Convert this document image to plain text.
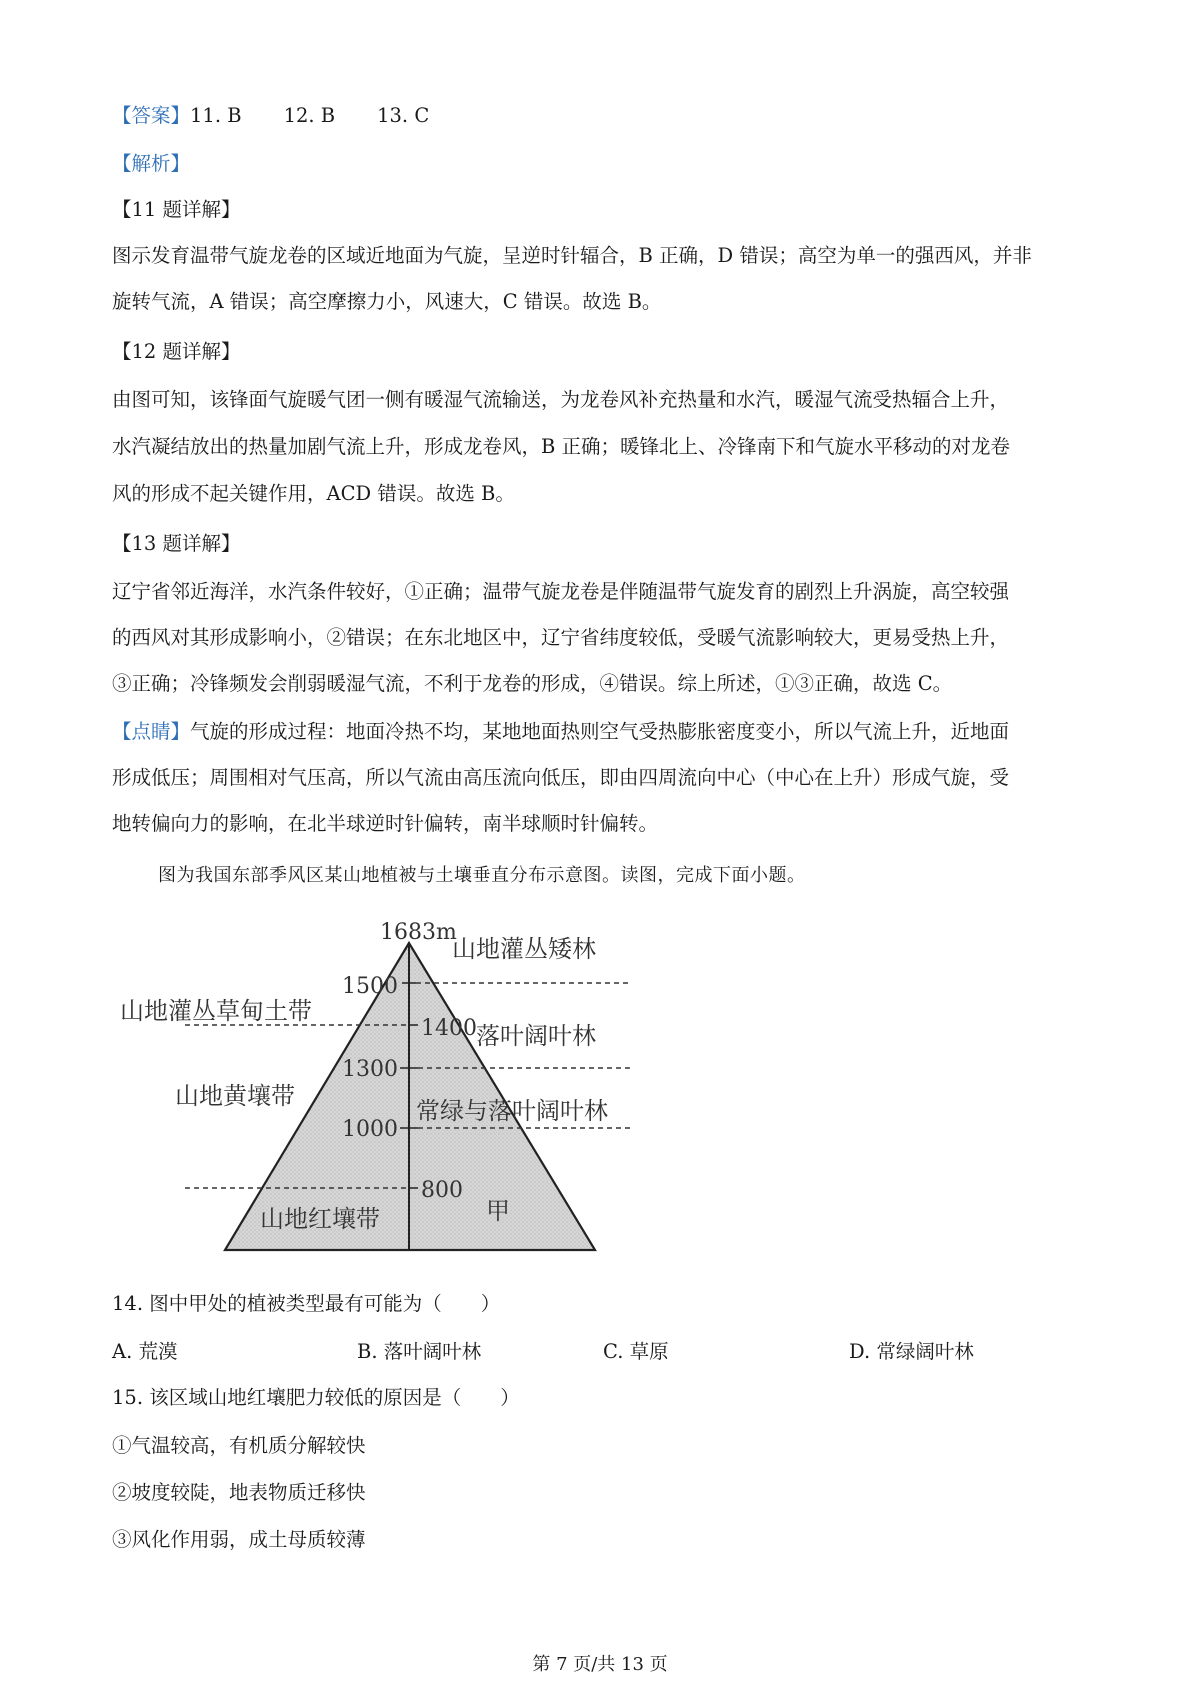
【答案】11. B 12. B 13. C
【解析】
【11 题详解】
图示发育温带气旋龙卷的区域近地面为气旋，呈逆时针辐合，B 正确，D 错误；高空为单一的强西风，并非
旋转气流，A 错误；高空摩擦力小，风速大，C 错误。故选 B。
【12 题详解】
由图可知，该锋面气旋暖气团一侧有暖湿气流输送，为龙卷风补充热量和水汽，暖湿气流受热辐合上升，
水汽凝结放出的热量加剧气流上升，形成龙卷风，B 正确；暖锋北上、冷锋南下和气旋水平移动的对龙卷
风的形成不起关键作用，ACD 错误。故选 B。
【13 题详解】
辽宁省邻近海洋，水汽条件较好，①正确；温带气旋龙卷是伴随温带气旋发育的剧烈上升涡旋，高空较强
的西风对其形成影响小，②错误；在东北地区中，辽宁省纬度较低，受暖气流影响较大，更易受热上升，
③正确；冷锋频发会削弱暖湿气流，不利于龙卷的形成，④错误。综上所述，①③正确，故选 C。
【点睛】气旋的形成过程：地面冷热不均，某地地面热则空气受热膨胀密度变小，所以气流上升，近地面
形成低压；周围相对气压高，所以气流由高压流向低压，即由四周流向中心（中心在上升）形成气旋，受
地转偏向力的影响，在北半球逆时针偏转，南半球顺时针偏转。
图为我国东部季风区某山地植被与土壤垂直分布示意图。读图，完成下面小题。
1683m
1500
1400
1300
1000
800
山地灌丛草甸土带
山地黄壤带
山地红壤带
山地灌丛矮林
落叶阔叶林
常绿与落叶阔叶林
甲
14. 图中甲处的植被类型最有可能为（　　）
A. 荒漠	B. 落叶阔叶林	C. 草原	D. 常绿阔叶林
15. 该区域山地红壤肥力较低的原因是（　　）
①气温较高，有机质分解较快
②坡度较陡，地表物质迁移快
③风化作用弱，成土母质较薄
第 7 页/共 13 页
